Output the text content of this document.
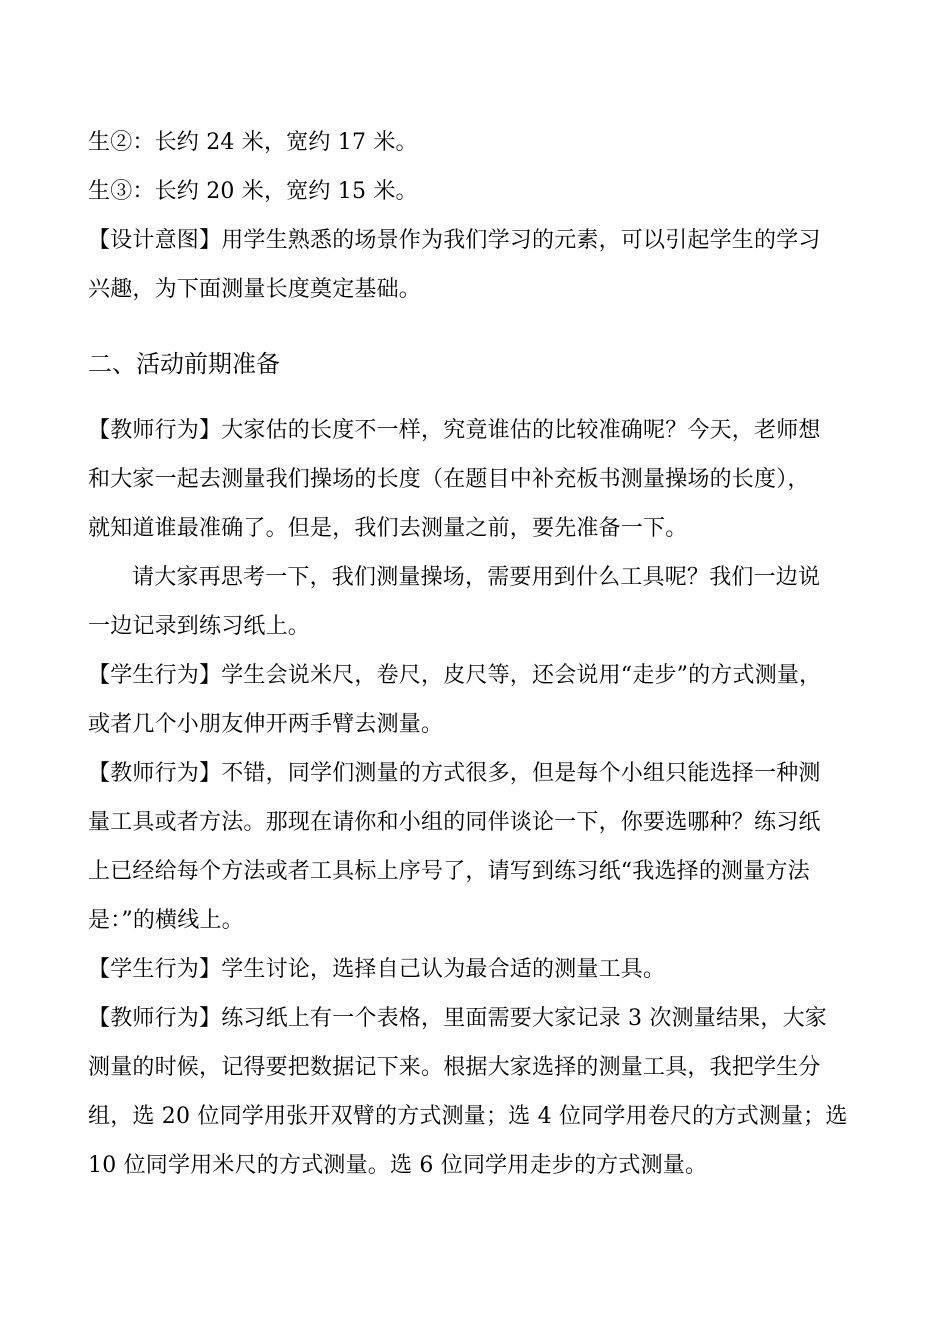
生②：长约 24 米，宽约 17 米。
生③：长约 20 米，宽约 15 米。
【设计意图】用学生熟悉的场景作为我们学习的元素，可以引起学生的学习
兴趣，为下面测量长度奠定基础。
二、活动前期准备
【教师行为】大家估的长度不一样，究竟谁估的比较准确呢？今天，老师想
和大家一起去测量我们操场的长度（在题目中补充板书测量操场的长度），
就知道谁最准确了。但是，我们去测量之前，要先准备一下。
请大家再思考一下，我们测量操场，需要用到什么工具呢？我们一边说
一边记录到练习纸上。
【学生行为】学生会说米尺，卷尺，皮尺等，还会说用“走步”的方式测量，
或者几个小朋友伸开两手臂去测量。
【教师行为】不错，同学们测量的方式很多，但是每个小组只能选择一种测
量工具或者方法。那现在请你和小组的同伴谈论一下，你要选哪种？练习纸
上已经给每个方法或者工具标上序号了，请写到练习纸“我选择的测量方法
是：”的横线上。
【学生行为】学生讨论，选择自己认为最合适的测量工具。
【教师行为】练习纸上有一个表格，里面需要大家记录 3 次测量结果，大家
测量的时候，记得要把数据记下来。根据大家选择的测量工具，我把学生分
组，选 20 位同学用张开双臂的方式测量；选 4 位同学用卷尺的方式测量；选
10 位同学用米尺的方式测量。选 6 位同学用走步的方式测量。
